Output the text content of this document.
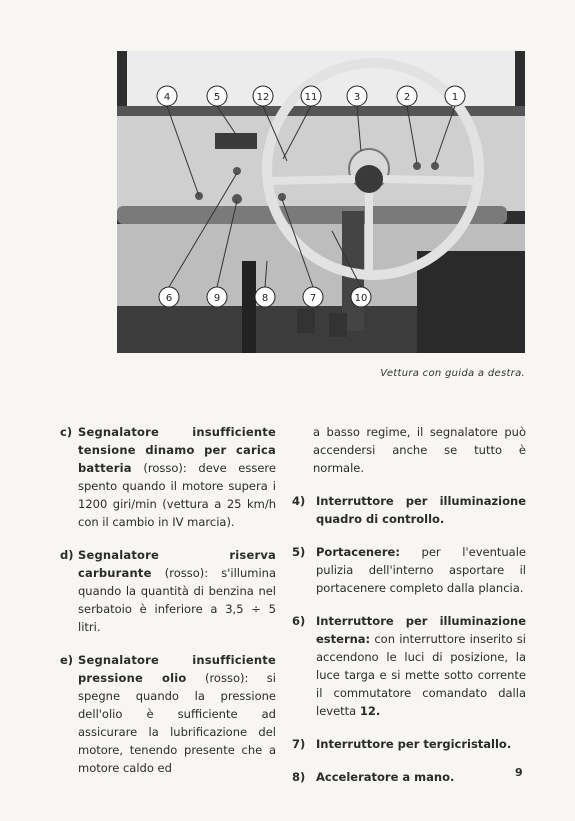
4	5	12	11	3	2	1
6	9	8	7	10
Vettura con guida a destra.
c) Segnalatore insufficiente tensione dinamo per carica batteria (rosso): deve essere spento quando il motore supera i 1200 giri/min (vettura a 25 km/h con il cambio in IV marcia).
d) Segnalatore riserva carburante (rosso): s'illumina quando la quantità di benzina nel serbatoio è inferiore a 3,5 ÷ 5 litri.
e) Segnalatore insufficiente pressione olio (rosso): si spegne quando la pressione dell'olio è sufficiente ad assicurare la lubrificazione del motore, tenendo presente che a motore caldo ed
a basso regime, il segnalatore può accendersi anche se tutto è normale.
4) Interruttore per illuminazione quadro di controllo.
5) Portacenere: per l'eventuale pulizia dell'interno asportare il portacenere completo dalla plancia.
6) Interruttore per illuminazione esterna: con interruttore inserito si accendono le luci di posizione, la luce targa e si mette sotto corrente il commutatore comandato dalla levetta 12.
7) Interruttore per tergicristallo.
8) Acceleratore a mano.	9
